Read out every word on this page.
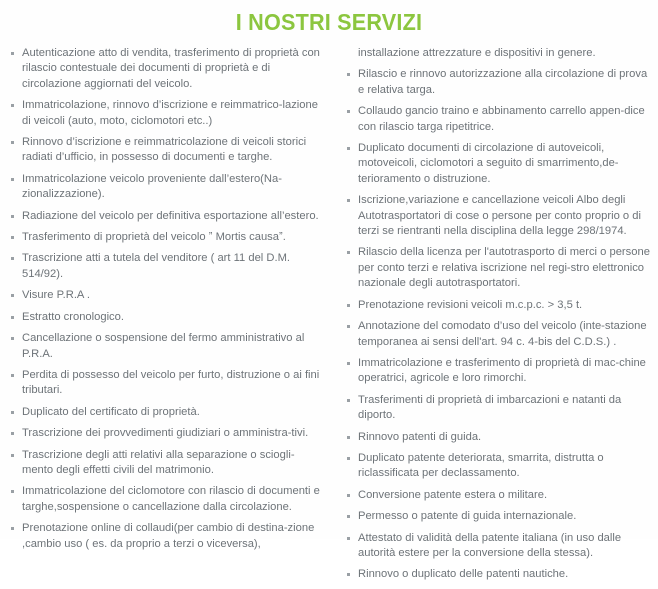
I NOSTRI SERVIZI
Autenticazione atto di vendita, trasferimento di proprietà con rilascio contestuale dei documenti di proprietà e di circolazione aggiornati del veicolo.
Immatricolazione, rinnovo d’iscrizione e reimmatrico-lazione di veicoli (auto, moto, ciclomotori etc..)
Rinnovo d’iscrizione e reimmatricolazione di veicoli storici radiati d’ufficio, in possesso di documenti e targhe.
Immatricolazione veicolo proveniente dall’estero(Na-zionalizzazione).
Radiazione del veicolo per definitiva esportazione all’estero.
Trasferimento di proprietà del veicolo ˮ Mortis causaˮ.
Trascrizione atti a tutela del venditore ( art 11 del D.M. 514/92).
Visure P.R.A .
Estratto cronologico.
Cancellazione o sospensione del fermo amministrativo al P.R.A.
Perdita di possesso del veicolo per furto, distruzione o ai fini tributari.
Duplicato del certificato di proprietà.
Trascrizione dei provvedimenti giudiziari o amministra-tivi.
Trascrizione degli atti relativi alla separazione o sciogli-mento degli effetti civili del matrimonio.
Immatricolazione del ciclomotore con rilascio di documenti e targhe,sospensione o cancellazione dalla circolazione.
Prenotazione online di collaudi(per cambio di destina-zione ,cambio uso ( es. da proprio a terzi o viceversa),
installazione attrezzature e dispositivi in genere.
Rilascio e rinnovo autorizzazione alla circolazione di prova e relativa targa.
Collaudo gancio traino e abbinamento carrello appen-dice con rilascio targa ripetitrice.
Duplicato documenti di circolazione di autoveicoli, motoveicoli, ciclomotori a seguito di smarrimento,de-terioramento o distruzione.
Iscrizione,variazione e cancellazione veicoli Albo degli Autotrasportatori di cose o persone per conto proprio o di terzi se rientranti nella disciplina della legge 298/1974.
Rilascio della licenza per l'autotrasporto di merci o persone per conto terzi e relativa iscrizione nel regi-stro elettronico nazionale degli autotrasportatori.
Prenotazione revisioni veicoli m.c.p.c. > 3,5 t.
Annotazione del comodato d’uso del veicolo (inte-stazione temporanea ai sensi dell'art. 94 c. 4-bis del C.D.S.) .
Immatricolazione e trasferimento di proprietà di mac-chine operatrici, agricole e loro rimorchi.
Trasferimenti di proprietà di imbarcazioni e natanti da diporto.
Rinnovo patenti di guida.
Duplicato patente deteriorata, smarrita, distrutta o riclassificata per declassamento.
Conversione patente estera o militare.
Permesso o patente di guida internazionale.
Attestato di validità della patente italiana (in uso dalle autorità estere per la conversione della stessa).
Rinnovo o duplicato delle patenti nautiche.
